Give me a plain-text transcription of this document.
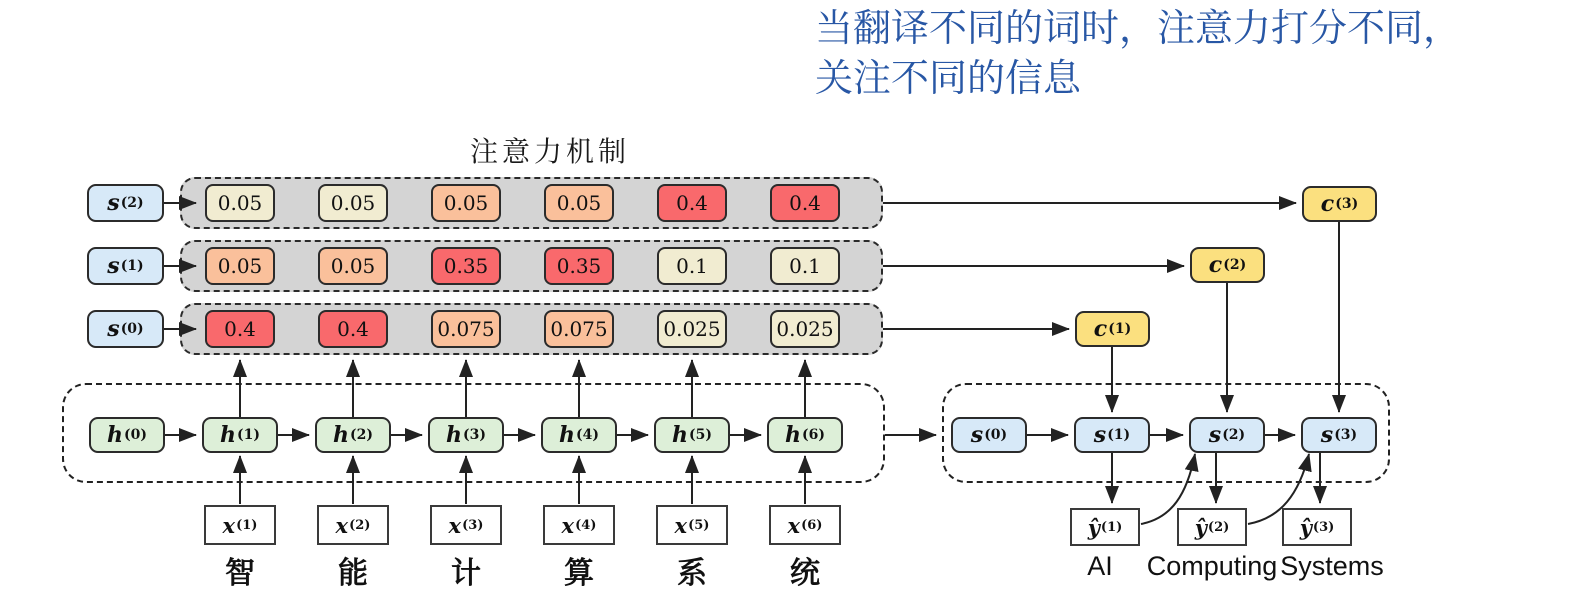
当翻译不同的词时，注意力打分不同，
关注不同的信息
注意力机制
s (2)
s (1)
s (0)
0.05	0.05	0.05	0.05	0.4	0.4
0.05	0.05	0.35	0.35	0.1	0.1
0.4	0.4	0.075	0.075	0.025	0.025
h (0)	h (1)	h (2)	h (3)	h (4)	h (5)	h (6)	s (0)	s (1)	s (2)	s (3)
c (1)
c (2)
c (3)
x (1)	x (2)	x (3)	x (4)	x (5)	x (6)
智	能	计	算	系	统
ŷ (1)	ŷ (2)	ŷ (3)
AI	Computing Systems
